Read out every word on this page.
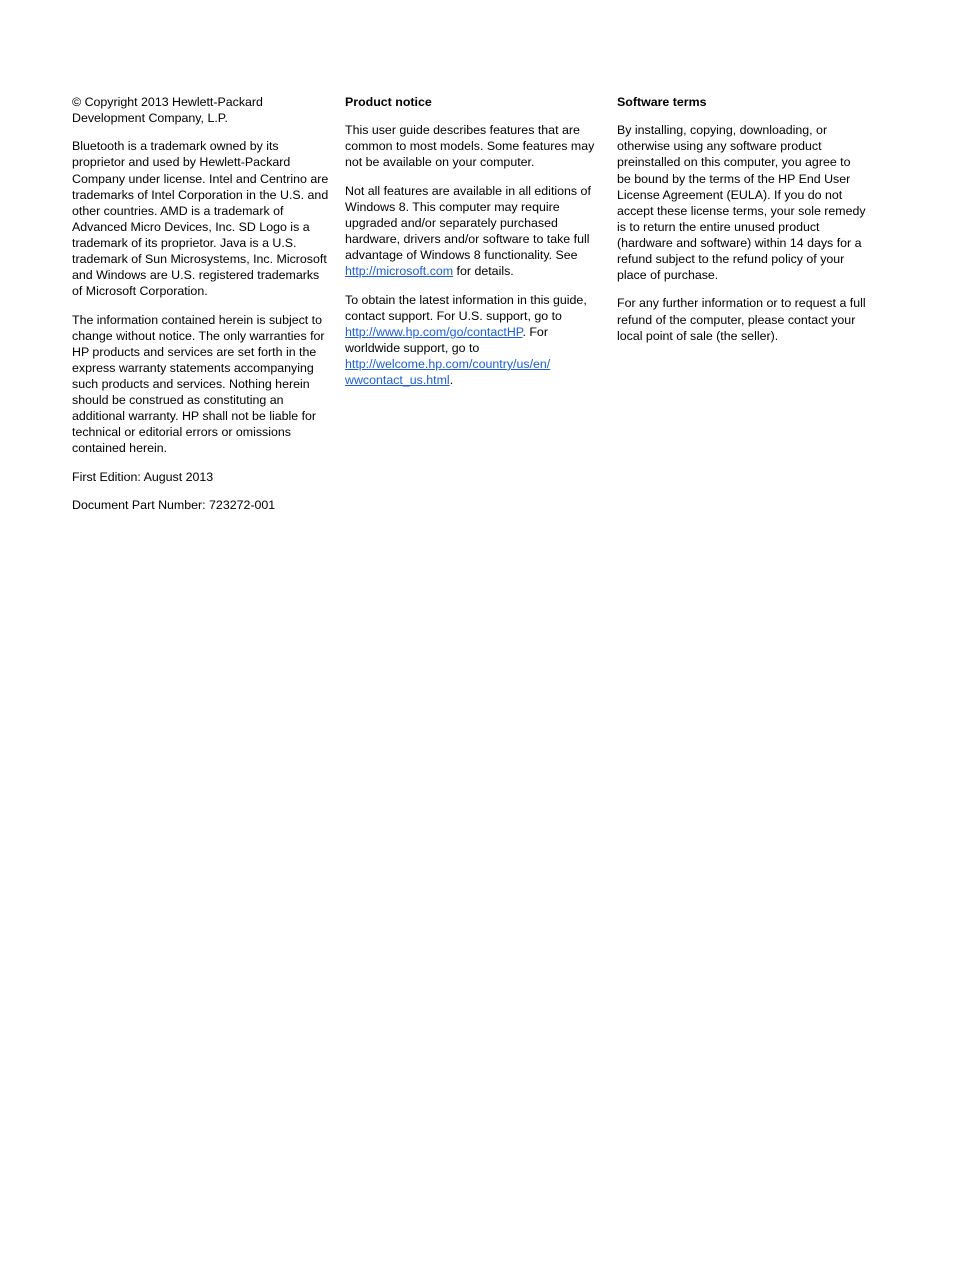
© Copyright 2013 Hewlett-Packard Development Company, L.P.

Bluetooth is a trademark owned by its proprietor and used by Hewlett-Packard Company under license. Intel and Centrino are trademarks of Intel Corporation in the U.S. and other countries. AMD is a trademark of Advanced Micro Devices, Inc. SD Logo is a trademark of its proprietor. Java is a U.S. trademark of Sun Microsystems, Inc. Microsoft and Windows are U.S. registered trademarks of Microsoft Corporation.

The information contained herein is subject to change without notice. The only warranties for HP products and services are set forth in the express warranty statements accompanying such products and services. Nothing herein should be construed as constituting an additional warranty. HP shall not be liable for technical or editorial errors or omissions contained herein.

First Edition: August 2013

Document Part Number: 723272-001

Product notice

This user guide describes features that are common to most models. Some features may not be available on your computer.

Not all features are available in all editions of Windows 8. This computer may require upgraded and/or separately purchased hardware, drivers and/or software to take full advantage of Windows 8 functionality. See http://microsoft.com for details.

To obtain the latest information in this guide, contact support. For U.S. support, go to http://www.hp.com/go/contactHP. For worldwide support, go to
http://welcome.hp.com/country/us/en/
wwcontact_us.html.

Software terms

By installing, copying, downloading, or otherwise using any software product preinstalled on this computer, you agree to be bound by the terms of the HP End User License Agreement (EULA). If you do not accept these license terms, your sole remedy is to return the entire unused product (hardware and software) within 14 days for a refund subject to the refund policy of your place of purchase.

For any further information or to request a full refund of the computer, please contact your local point of sale (the seller).
